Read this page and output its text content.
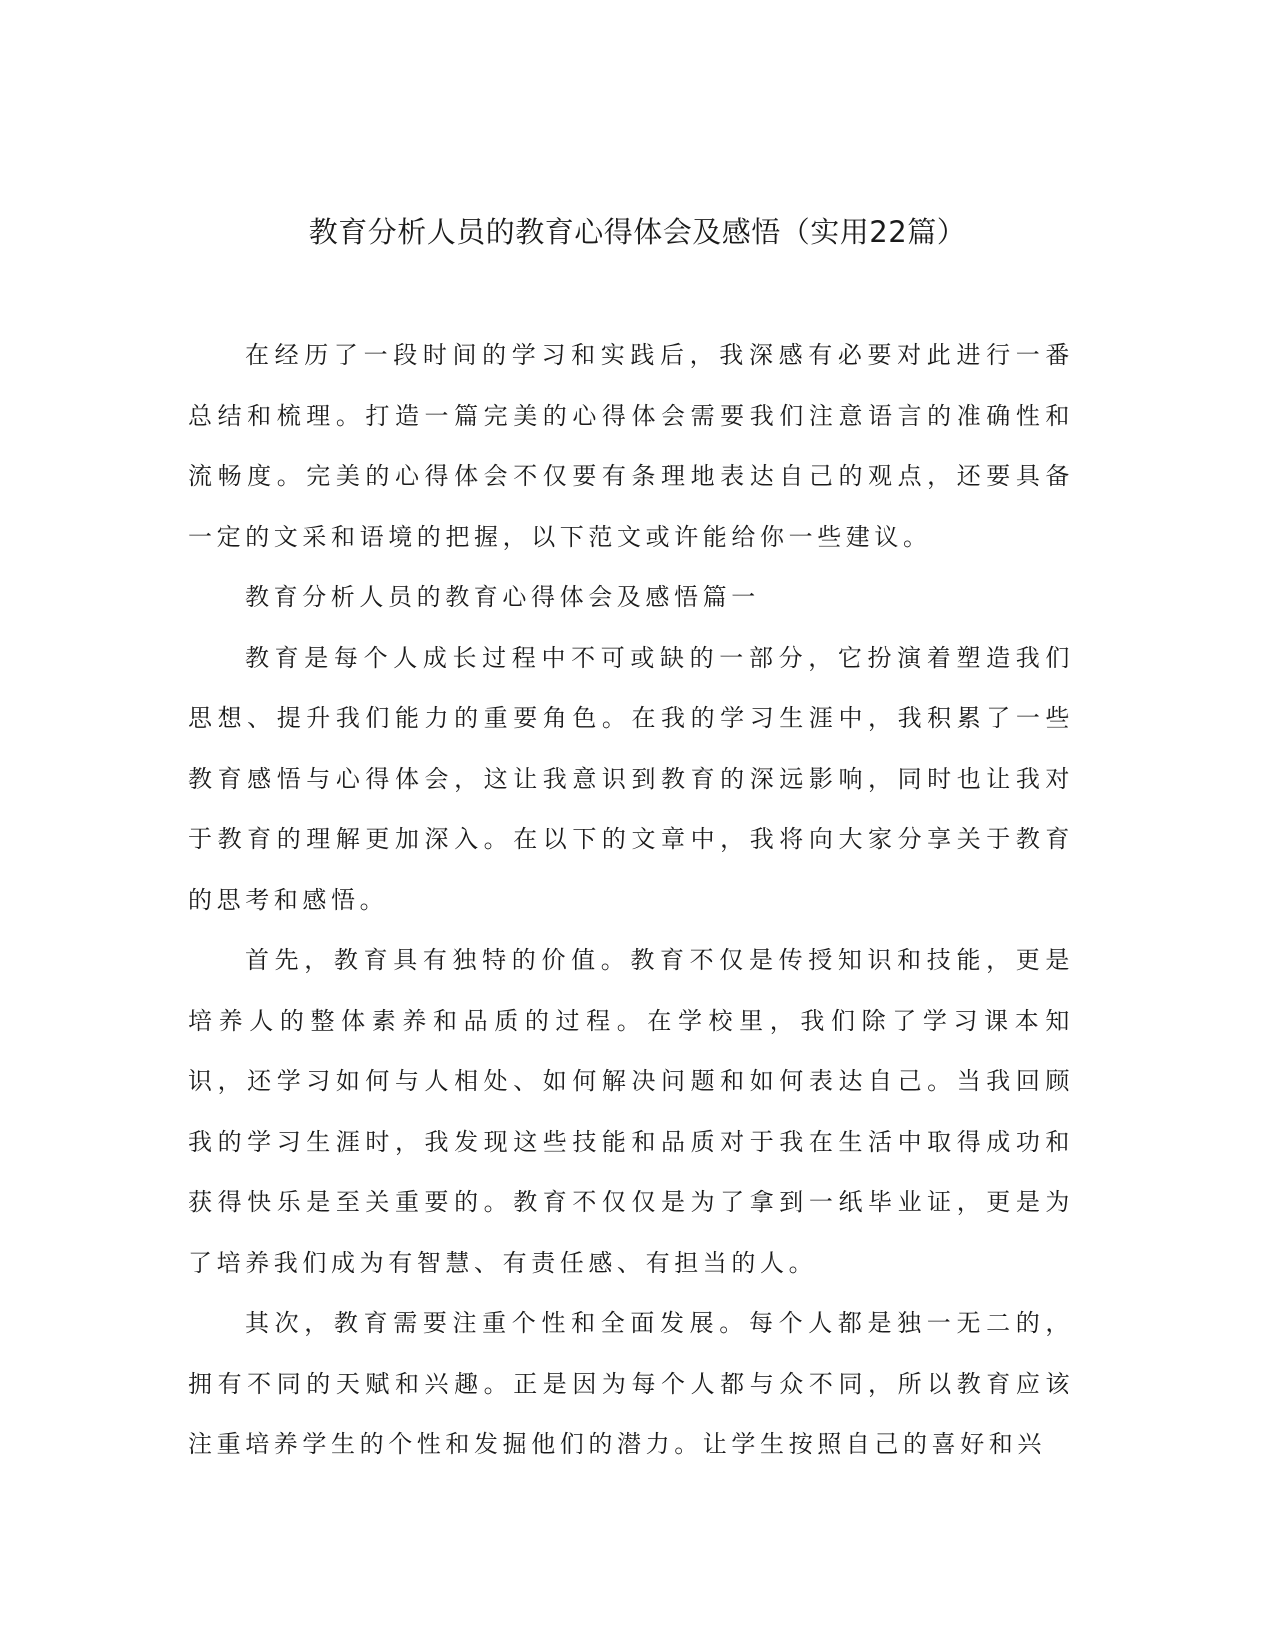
教育分析人员的教育心得体会及感悟（实用22篇）

在经历了一段时间的学习和实践后，我深感有必要对此进行一番总结和梳理。打造一篇完美的心得体会需要我们注意语言的准确性和流畅度。完美的心得体会不仅要有条理地表达自己的观点，还要具备一定的文采和语境的把握，以下范文或许能给你一些建议。

教育分析人员的教育心得体会及感悟篇一

教育是每个人成长过程中不可或缺的一部分，它扮演着塑造我们思想、提升我们能力的重要角色。在我的学习生涯中，我积累了一些教育感悟与心得体会，这让我意识到教育的深远影响，同时也让我对于教育的理解更加深入。在以下的文章中，我将向大家分享关于教育的思考和感悟。

首先，教育具有独特的价值。教育不仅是传授知识和技能，更是培养人的整体素养和品质的过程。在学校里，我们除了学习课本知识，还学习如何与人相处、如何解决问题和如何表达自己。当我回顾我的学习生涯时，我发现这些技能和品质对于我在生活中取得成功和获得快乐是至关重要的。教育不仅仅是为了拿到一纸毕业证，更是为了培养我们成为有智慧、有责任感、有担当的人。

其次，教育需要注重个性和全面发展。每个人都是独一无二的，拥有不同的天赋和兴趣。正是因为每个人都与众不同，所以教育应该注重培养学生的个性和发掘他们的潜力。让学生按照自己的喜好和兴
